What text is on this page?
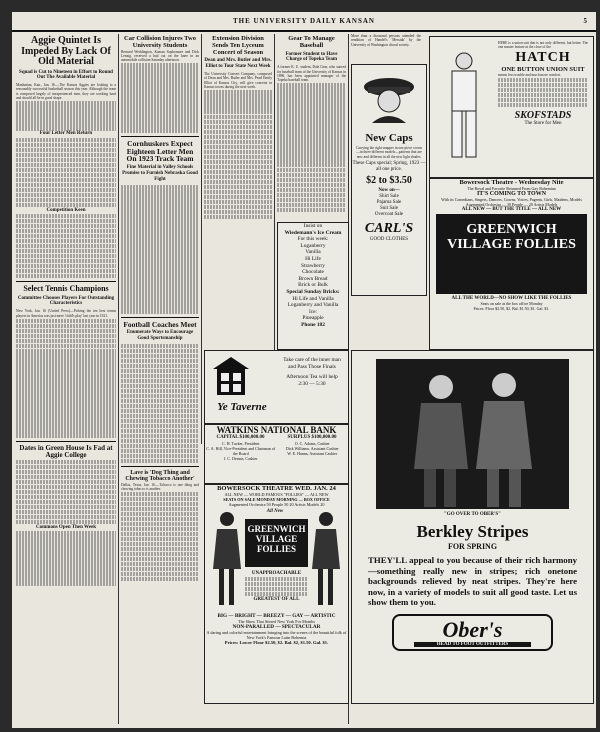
THE UNIVERSITY DAILY KANSAN	5
Aggie Quintet Is Impeded By Lack Of Old Material
Squad is Cut to Nineteen in Effort to Round Out The Available Material
Manhattan, Kan., Jan. 16.—The Kansas Aggies are looking to a reasonably successful basketball season this year. Although the team is composed largely of inexperienced men, they are working hard and should all be in good shape.
Four Letter Men Return
Competition Keen
Select Tennis Champions
Committee Chooses Players For Outstanding Characteristics
New York, Jan. 16 (United Press)—Picking the ten best tennis players in America was just mere 'child's play' last year in 1921.
Dates in Green House Is Fad at Aggie College
Commons Open Then Week
Car Collision Injures Two University Students
Bernard Weddington, Kansas Sophomore and Dick Lenzig, received a bad cut on the knee in an automobile collision Saturday afternoon.
Cornhuskers Expect Eighteen Letter Men On 1923 Track Team
Fine Material in Valley Schools Promise to Furnish Nebraska Good Fight
Football Coaches Meet
Enumerate Ways to Encourage Good Sportsmanship
Lave is 'Dog Thing and Chewing Tobacco Another'
Dallas, Texas, Jan. 16.—Tobacco is one thing and chewing tobacco is another.
Extension Division Sends Ten Lyceum Concert of Season
Dean and Mrs. Butler and Mrs. Elliot to Tour State Next Week
The University Concert Company, composed of Dean and Mrs. Butler and Mrs. Pearl Emily Elliot of Kansas City, will give concerts in Kansas towns during the next week.
Gear To Manage Baseball
Former Student to Have Charge of Topeka Team
A former K. U. student, Dale Gear, who starred for baseball team of the University of Kansas in 1890, has been appointed manager of the Topeka baseball team.
More than a thousand persons attended the rendition of Handel's 'Messiah' by the University of Washington choral society.
New Caps
Carrying the right snapper in one piece crown—in three different models—patterns that are new and different in all the new light shades.
These Caps special; Spring, 1923 — all one price.
$2 to $3.50
Now on—
Shirt Sale
Pajama Sale
Suit Sale
Overcoat Sale
CARL'S
GOOD CLOTHES
HERE is a union suit that is not only different, but better. The one master feature at the close of the
HATCH
ONE BUTTON UNION SUIT
means less trouble and much more comfort.
SKOFSTADS
The Store for Men
Bowersock Theatre - Wednesday Nite
The Royal and Favorite Returned From Gay Bohemian
IT'S COMING TO TOWN
With its Comedians, Singers, Dancers, Gowns, Voices, Pagents, Girls, Maidens, Models
Augmented Orchestra — 30 People — 20 Artists Models
ALL NEW — BUT THE TITLE — ALL NEW
GREENWICH VILLAGE FOLLIES
ALL THE WORLD—NO SHOW LIKE THE FOLLIES
Seats on sale at the box office Monday
Prices: Floor $2.50, $2. Bal. $1.50, $1. Gal. $1.
Insist on
Wiedemann's Ice Cream
For this week:
Loganberry
Vanilla
Hi Life
Strawberry
Chocolate
Brown Bread
Brick or Bulk
Special Sunday Bricks:
Hi Life and Vanilla
Loganberry and Vanilla
Ice:
Pineapple
Phone 182
Ye Taverne
Take care of the inner man and Pass Those Finals
Afternoon Tea will help
2:30 — 5:30
WATKINS NATIONAL BANK
CAPITAL $100,000.00	SURPLUS $100,000.00
C. H. Tucker, President
C. A. Hill, Vice-President and Chairman of the Board
J. C. Dennis, Cashier
O. C. Adams, Cashier
Dick Williams, Assistant Cashier
W. E. Hanna, Assistant Cashier
BOWERSOCK THEATRE WED. JAN. 24
ALL NEW — WORLD FAMOUS "FOLLIES" — ALL NEW
SEATS ON SALE MONDAY MORNING — BOX OFFICE
Augmented Orchestra 50 People 50 20 Artists Models 20
GREENWICH VILLAGE FOLLIES
All New
UNAPPROACHABLE
GREATEST OF ALL
BIG — BRIGHT — BREEZY — GAY — ARTISTIC
The Show That Stirred New York For Months
NON-PARALLED — SPECTACULAR
A daring and colorful entertainment bringing into the scenes of the beautiful folk of New York's Famous Latin Bohemia
Prices: Lower Floor $2.50, $2. Bal. $2, $1.50. Gal. $1.
"GO OVER TO OBER'S"
Berkley Stripes
FOR SPRING
THEY'LL appeal to you because of their rich harmony—something really new in stripes; rich onetone backgrounds relieved by neat stripes. They're here now, in a variety of models to suit all good taste. Let us show them to you.
Ober's
HEAD TO FOOT OUTFITTERS
